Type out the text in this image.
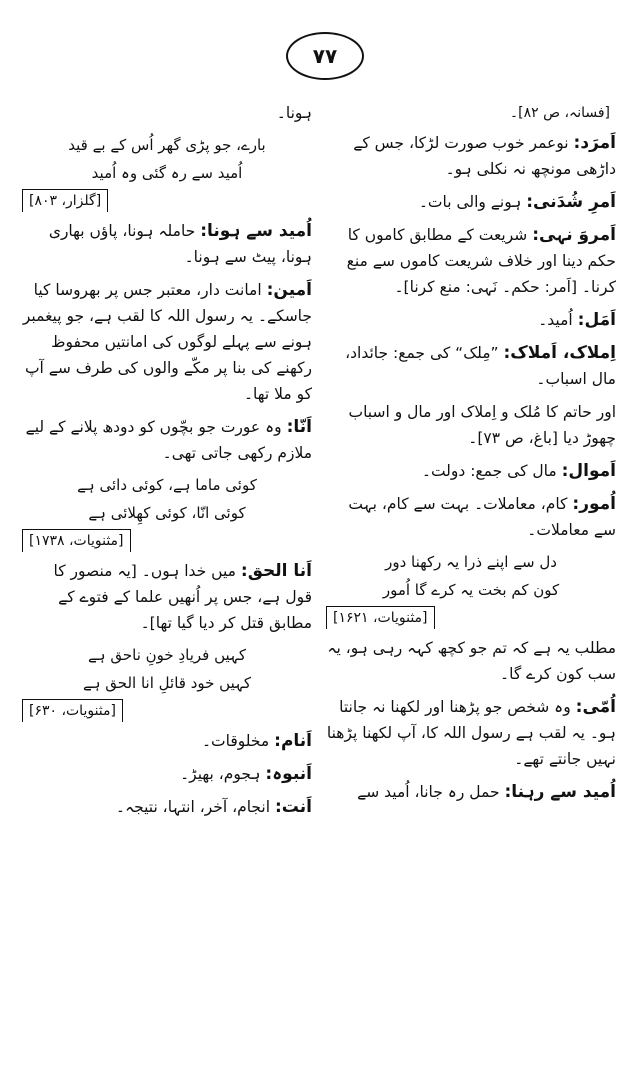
۷۷
[فسانہ، ص ۸۲]۔
اَمرَد: نوعمر خوب صورت لڑکا، جس کے داڑھی مونچھ نہ نکلی ہو۔
اَمرِ شُدَنی: ہونے والی بات۔
اَمروَ نہی: شریعت کے مطابق کاموں کا حکم دینا اور خلاف شریعت کاموں سے منع کرنا۔ [اَمر: حکم۔ نَہی: منع کرنا]۔
اَمَل: اُمید۔
اِملاک، اَملاک: ”مِلک“ کی جمع: جائداد، مال اسباب۔
اور حاتم کا مُلک و اِملاک اور مال و اسباب چھوڑ دیا [باغ، ص ۷۳]۔
اَموال: مال کی جمع: دولت۔
اُمور: کام، معاملات۔ بہت سے کام، بہت سے معاملات۔
دل سے اپنے ذرا یہ رکھنا دور
کون کم بخت یہ کرے گا اُمور
[مثنویات، ۱۶۲۱]
مطلب یہ ہے کہ تم جو کچھ کہہ رہی ہو، یہ سب کون کرے گا۔
اُمّی: وہ شخص جو پڑھنا اور لکھنا نہ جانتا ہو۔ یہ لقب ہے رسول اللہ کا، آپ لکھنا پڑھنا نہیں جانتے تھے۔
اُمید سے رہنا: حمل رہ جانا، اُمید سے
ہونا۔
بارے، جو پڑی گھر اُس کے بے قید
اُمید سے رہ گئی وہ اُمید
[گلزار، ۸۰۳]
اُمید سے ہونا: حاملہ ہونا، پاؤں بھاری ہونا، پیٹ سے ہونا۔
اَمین: امانت دار، معتبر جس پر بھروسا کیا جاسکے۔ یہ رسول اللہ کا لقب ہے، جو پیغمبر ہونے سے پہلے لوگوں کی امانتیں محفوظ رکھنے کی بنا پر مکّے والوں کی طرف سے آپ کو ملا تھا۔
اَنّا: وہ عورت جو بچّوں کو دودھ پلانے کے لیے ملازم رکھی جاتی تھی۔
کوئی ماما ہے، کوئی دائی ہے
کوئی انّا، کوئی کھِلائی ہے
[مثنویات، ۱۷۳۸]
اَنا الحق: میں خدا ہوں۔ [یہ منصور کا قول ہے، جس پر اُنھیں علما کے فتوے کے مطابق قتل کر دیا گیا تھا]۔
کہیں فریادِ خونِ ناحق ہے
کہیں خود قائلِ انا الحق ہے
[مثنویات، ۶۳۰]
اَنام: مخلوقات۔
اَنبوہ: ہجوم، بھیڑ۔
اَنت: انجام، آخر، انتہا، نتیجہ۔
